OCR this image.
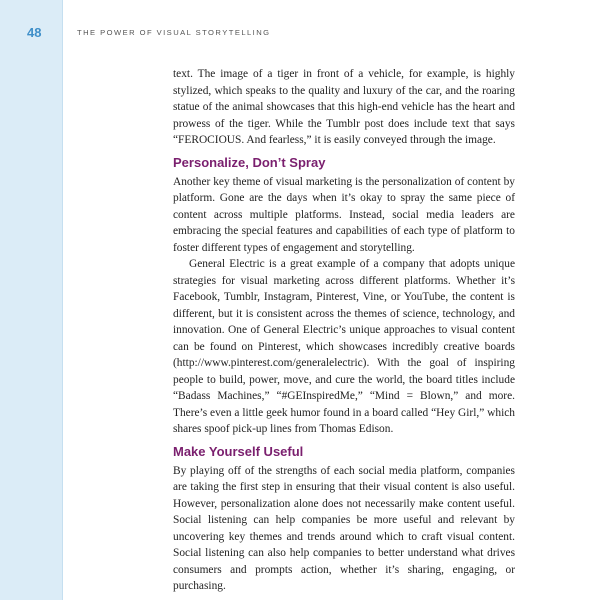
48	THE POWER OF VISUAL STORYTELLING

text. The image of a tiger in front of a vehicle, for example, is highly stylized, which speaks to the quality and luxury of the car, and the roaring statue of the animal showcases that this high-end vehicle has the heart and prowess of the tiger. While the Tumblr post does include text that says “FEROCIOUS. And fearless,” it is easily conveyed through the image.

Personalize, Don’t Spray

Another key theme of visual marketing is the personalization of content by platform. Gone are the days when it’s okay to spray the same piece of content across multiple platforms. Instead, social media leaders are embracing the special features and capabilities of each type of platform to foster different types of engagement and storytelling.

General Electric is a great example of a company that adopts unique strategies for visual marketing across different platforms. Whether it’s Facebook, Tumblr, Instagram, Pinterest, Vine, or YouTube, the content is different, but it is consistent across the themes of science, technology, and innovation. One of General Electric’s unique approaches to visual content can be found on Pinterest, which showcases incredibly creative boards (http://www.pinterest.com/generalelectric). With the goal of inspiring people to build, power, move, and cure the world, the board titles include “Badass Machines,” “#GEInspiredMe,” “Mind = Blown,” and more. There’s even a little geek humor found in a board called “Hey Girl,” which shares spoof pick-up lines from Thomas Edison.

Make Yourself Useful

By playing off of the strengths of each social media platform, companies are taking the first step in ensuring that their visual content is also useful. However, personalization alone does not necessarily make content useful. Social listening can help companies be more useful and relevant by uncovering key themes and trends around which to craft visual content. Social listening can also help companies to better understand what drives consumers and prompts action, whether it’s sharing, engaging, or purchasing.
